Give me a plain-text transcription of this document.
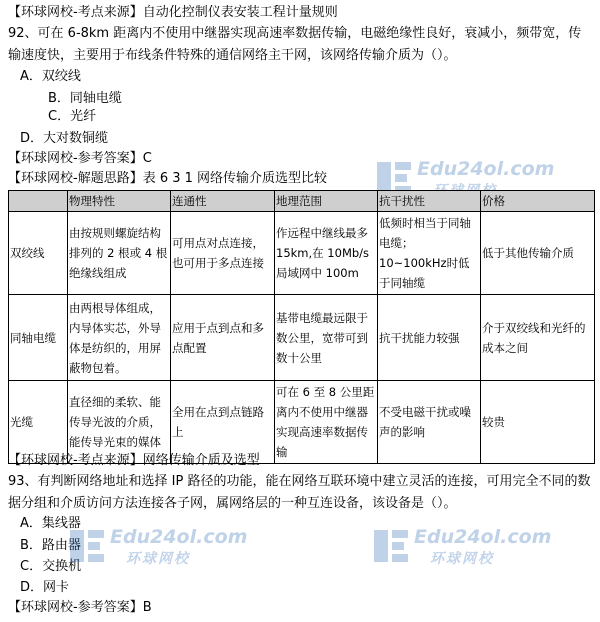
【环球网校-考点来源】自动化控制仪表安装工程计量规则
92、可在 6-8km 距离内不使用中继器实现高速率数据传输，电磁绝缘性良好，衰减小，频带宽，传输速度快，主要用于布线条件特殊的通信网络主干网，该网络传输介质为（）。
A．双绞线
B．同轴电缆
C．光纤
D．大对数铜缆
【环球网校-参考答案】C
【环球网校-解题思路】表 6 3 1 网络传输介质选型比较	Edu24ol.com
	物理特性	连通性	地理范围	抗干扰性	价格
双绞线	由按规则螺旋结构排列的 2 根或 4 根绝缘线组成	可用点对点连接，也可用于多点连接	作远程中继线最多15km,在 10Mb/s局域网中 100m	低频时相当于同轴电缆；10~100kHz时低于同轴缆	低于其他传输介质
同轴电缆	由两根导体组成，内导体实芯，外导体是纺织的，用屏蔽物包着。	应用于点到点和多点配置	基带电缆最远限于数公里，宽带可到数十公里	抗干扰能力较强	介于双绞线和光纤的成本之间
光缆	直径细的柔软、能传导光波的介质，能传导光束的媒体	全用在点到点链路上	可在 6 至 8 公里距离内不使用中继器实现高速率数据传输	不受电磁干扰或噪声的影响	较贵
【环球网校-考点来源】网络传输介质及选型
93、有判断网络地址和选择 IP 路径的功能，能在网络互联环境中建立灵活的连接，可用完全不同的数据分组和介质访问方法连接各子网，属网络层的一种互连设备，该设备是（）。
A．集线器
B．路由器
C．交换机
D．网卡
【环球网校-参考答案】B
Edu24ol.com
环球网校
Edu24ol.com
环球网校
